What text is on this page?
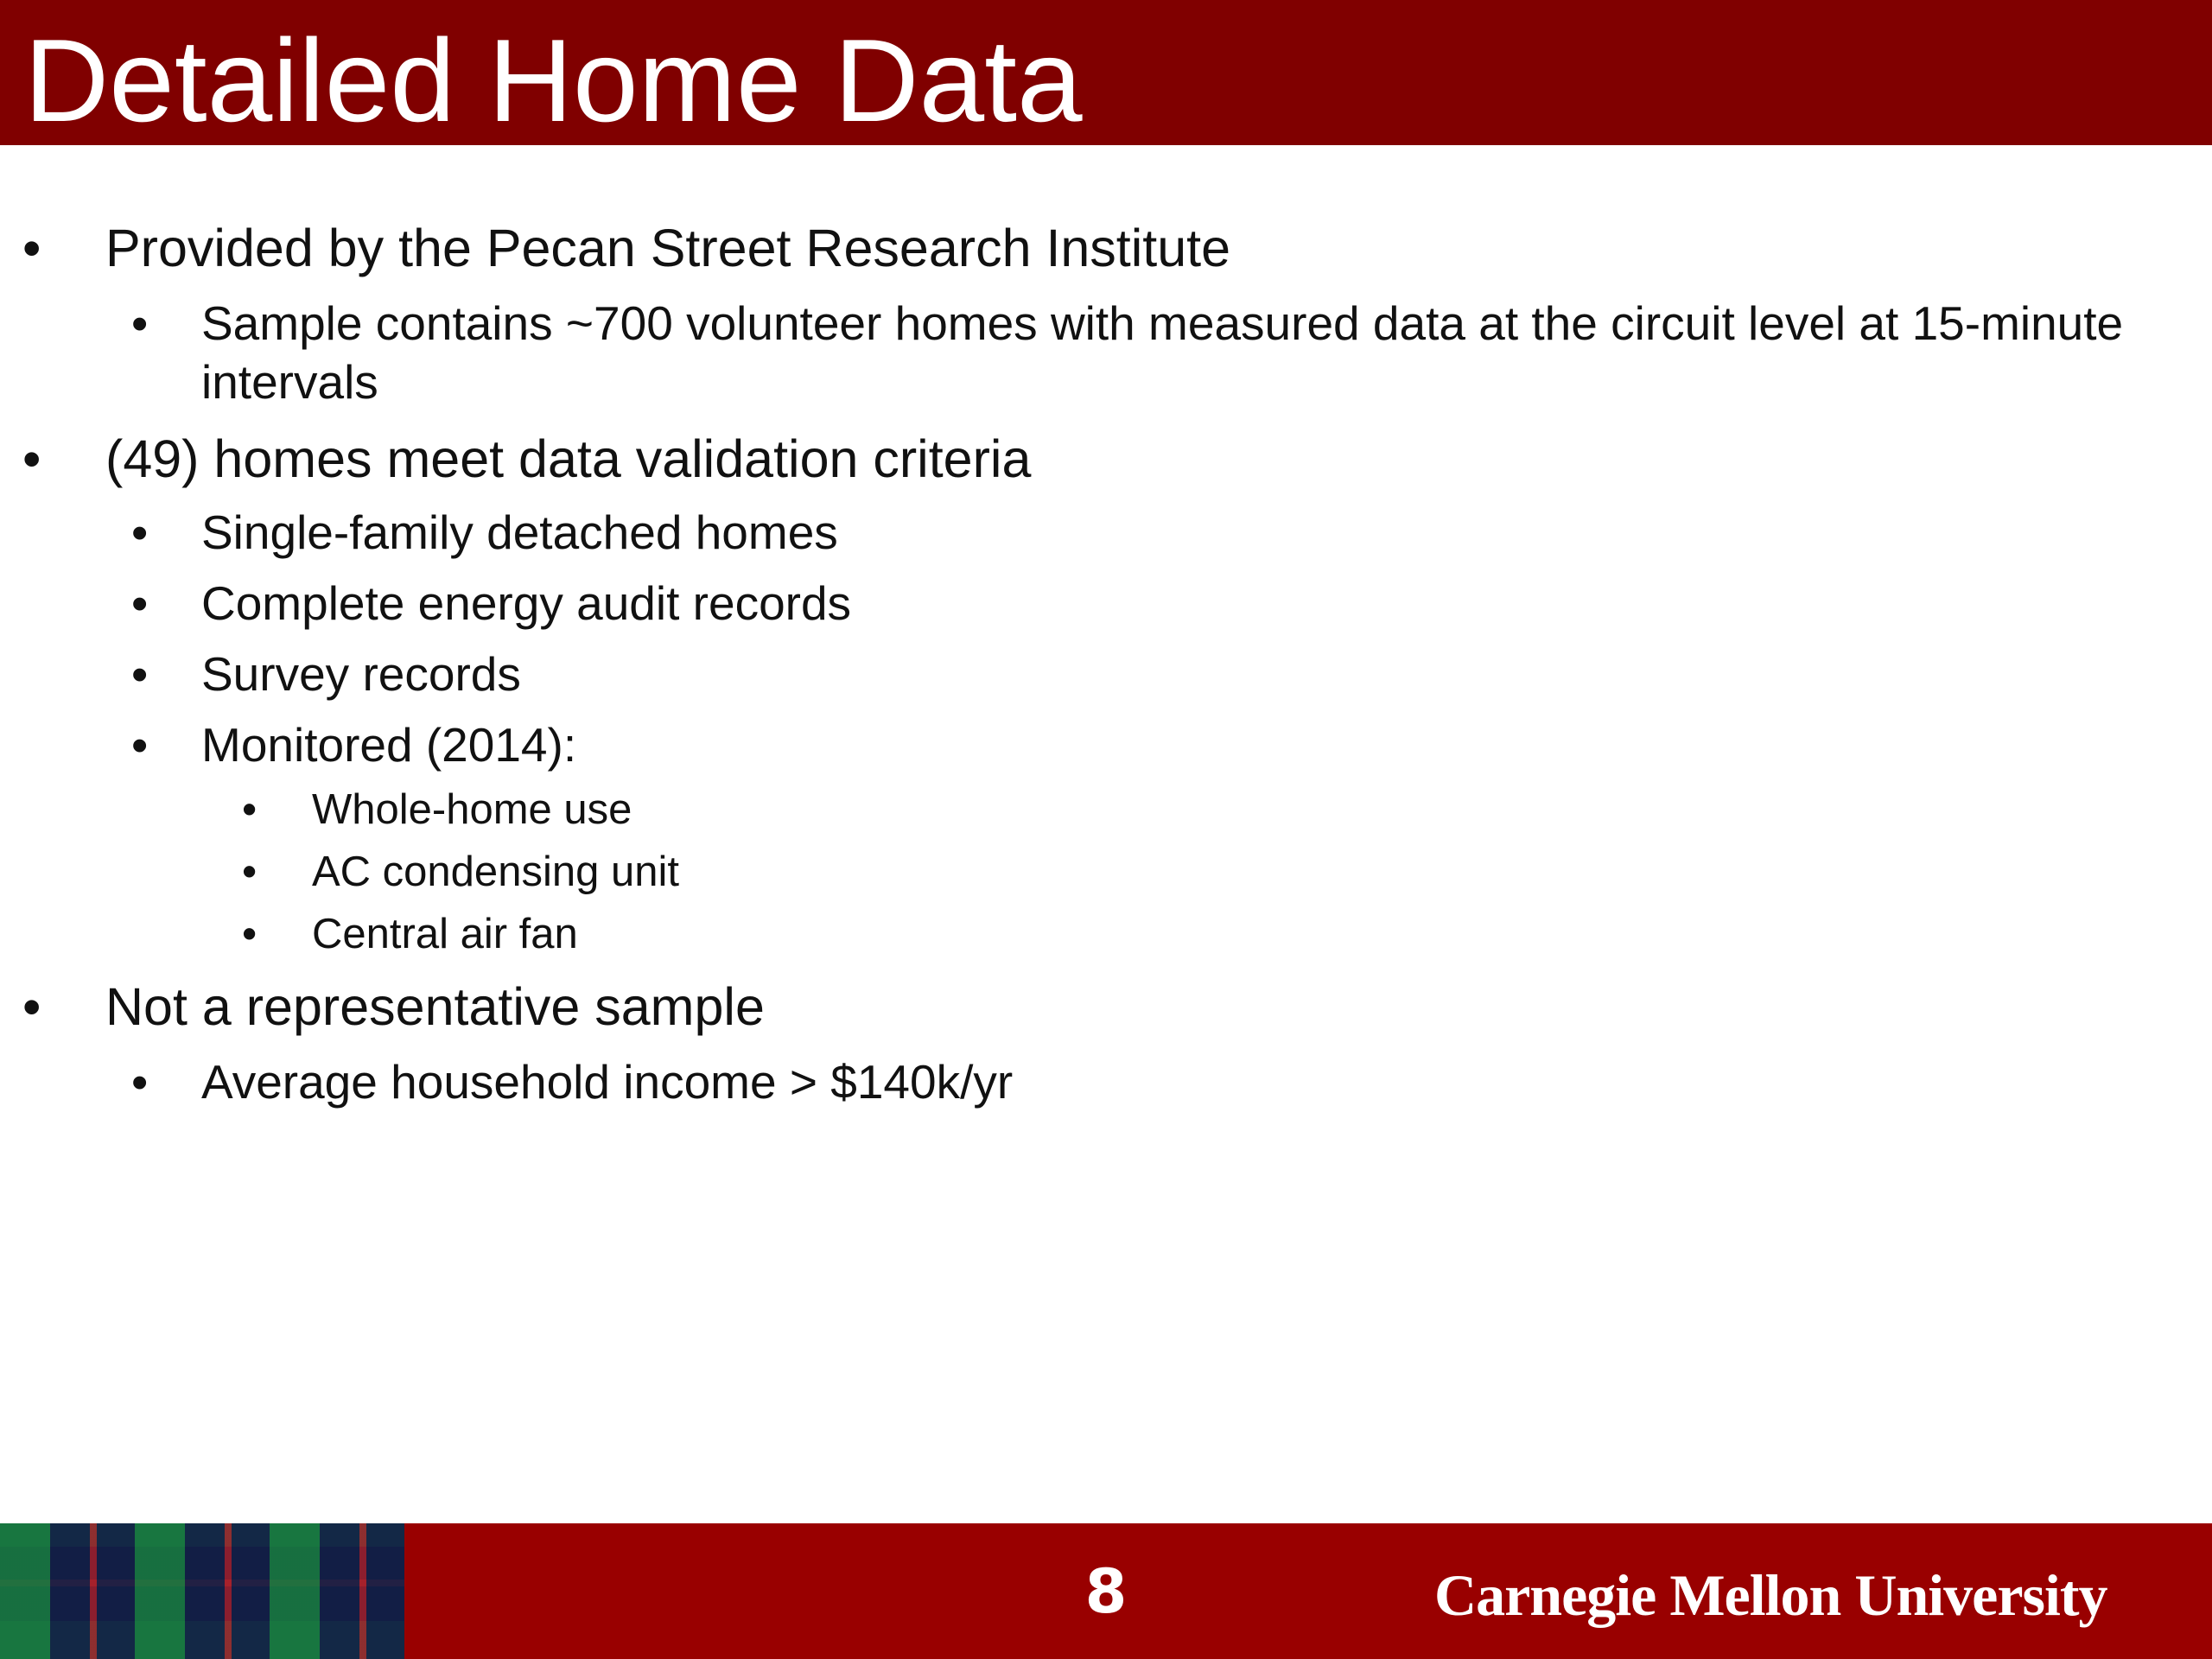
Detailed Home Data
• Provided by the Pecan Street Research Institute
• Sample contains ~700 volunteer homes with measured data at the circuit level at 15-minute intervals
• (49) homes meet data validation criteria
• Single-family detached homes
• Complete energy audit records
• Survey records
• Monitored (2014):
• Whole-home use
• AC condensing unit
• Central air fan
• Not a representative sample
• Average household income > $140k/yr
8	Carnegie Mellon University
